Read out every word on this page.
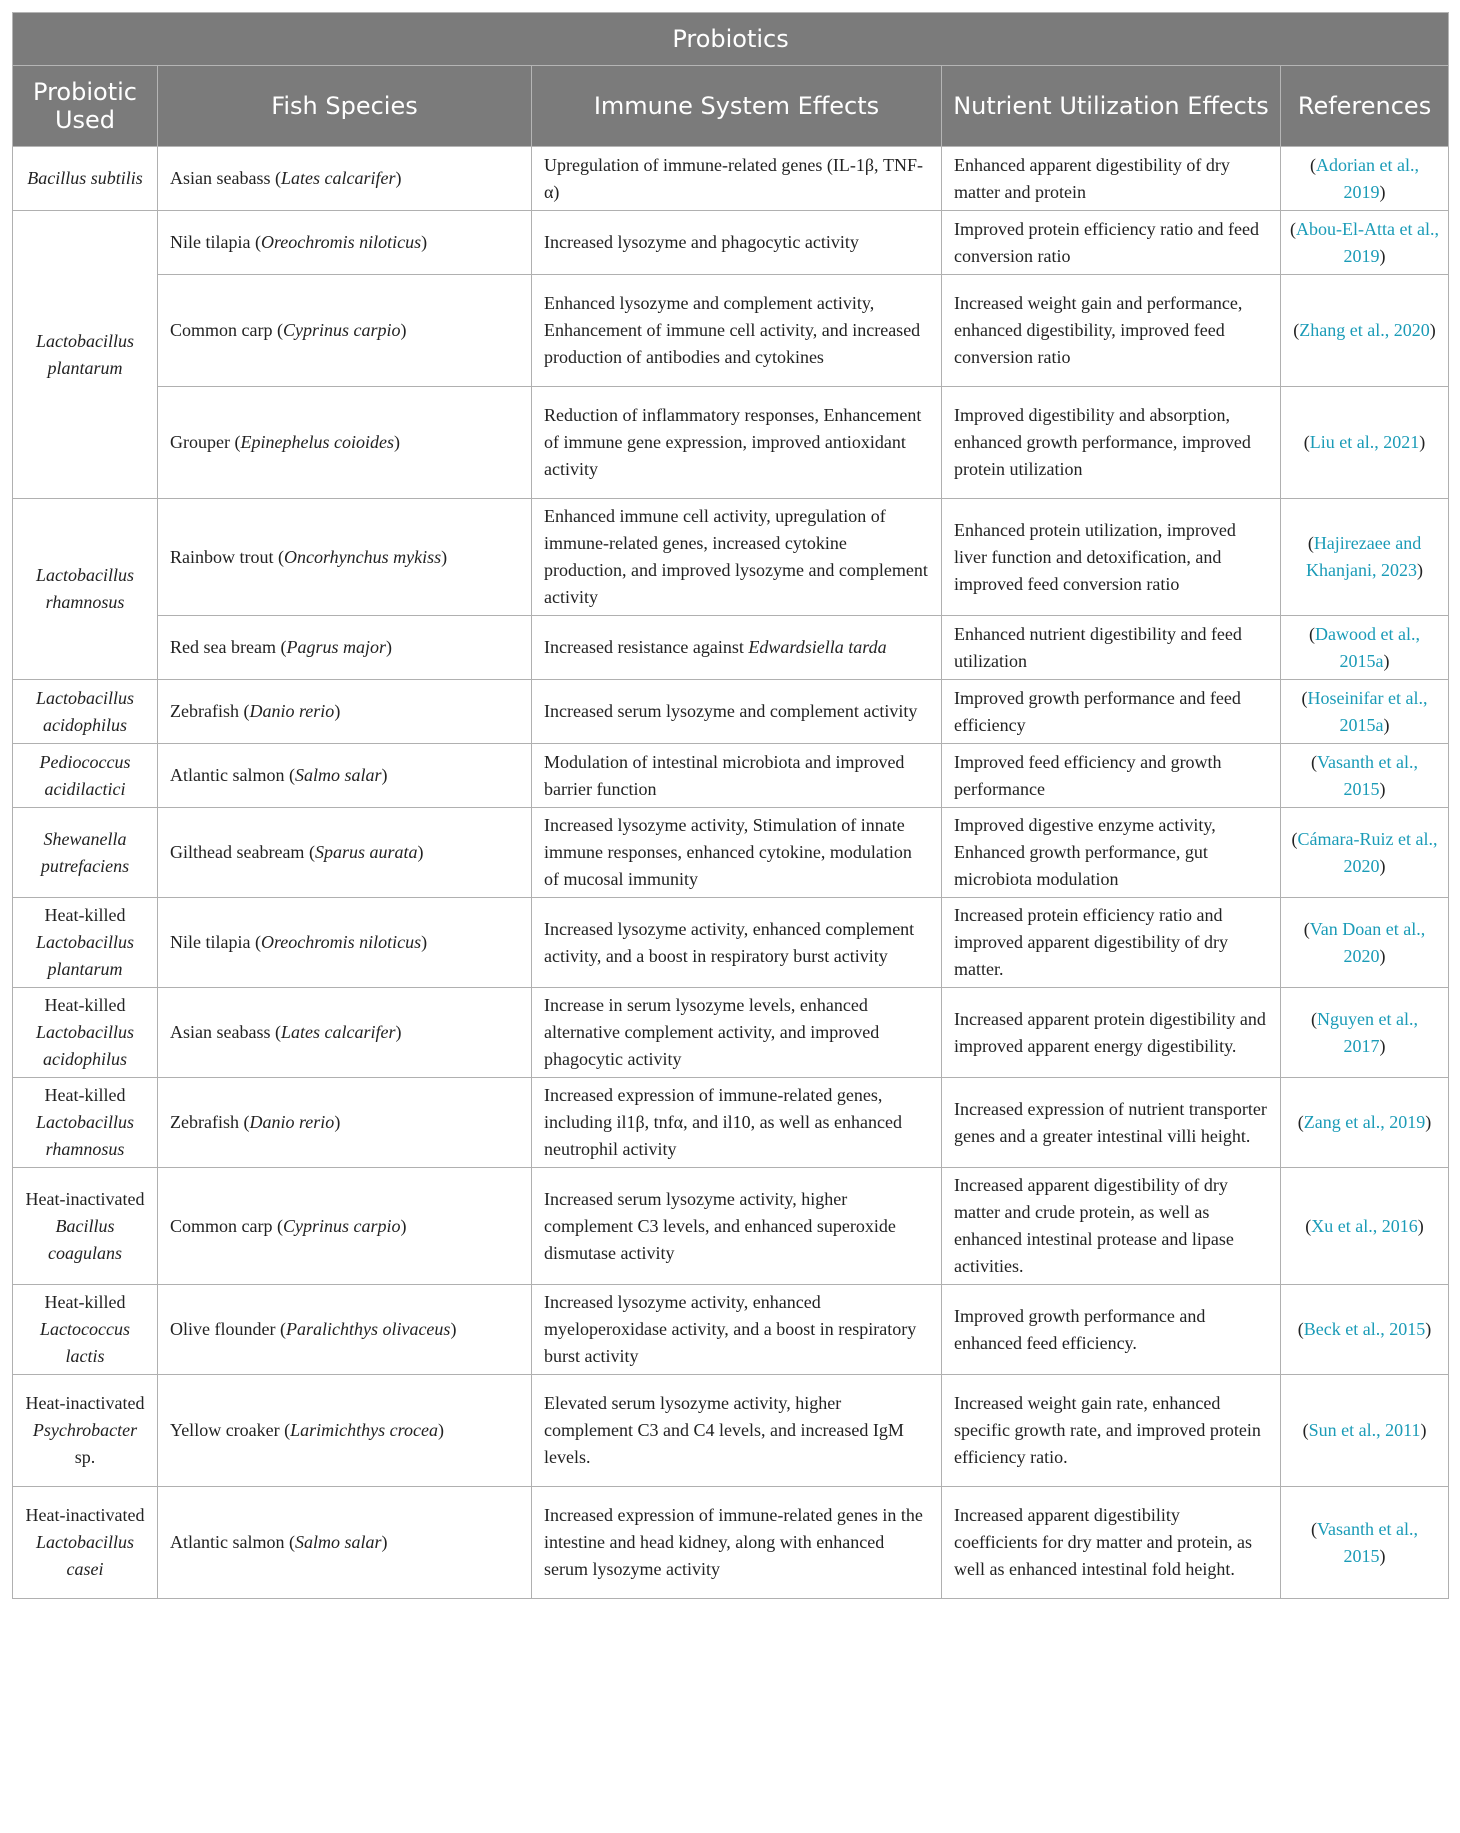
Probiotics				
Probiotic Used	Fish Species	Immune System Effects	Nutrient Utilization Effects	References
Bacillus subtilis	Asian seabass (Lates calcarifer)	Upregulation of immune-related genes (IL-1β, TNF-α)	Enhanced apparent digestibility of dry matter and protein	(Adorian et al., 2019)
Lactobacillus plantarum	Nile tilapia (Oreochromis niloticus)	Increased lysozyme and phagocytic activity	Improved protein efficiency ratio and feed conversion ratio	(Abou-El-Atta et al., 2019)
	Common carp (Cyprinus carpio)	Enhanced lysozyme and complement activity, Enhancement of immune cell activity, and increased production of antibodies and cytokines	Increased weight gain and performance, enhanced digestibility, improved feed conversion ratio	(Zhang et al., 2020)
	Grouper (Epinephelus coioides)	Reduction of inflammatory responses, Enhancement of immune gene expression, improved antioxidant activity	Improved digestibility and absorption, enhanced growth performance, improved protein utilization	(Liu et al., 2021)
Lactobacillus rhamnosus	Rainbow trout (Oncorhynchus mykiss)	Enhanced immune cell activity, upregulation of immune-related genes, increased cytokine production, and improved lysozyme and complement activity	Enhanced protein utilization, improved liver function and detoxification, and improved feed conversion ratio	(Hajirezaee and Khanjani, 2023)
	Red sea bream (Pagrus major)	Increased resistance against Edwardsiella tarda	Enhanced nutrient digestibility and feed utilization	(Dawood et al., 2015a)
Lactobacillus acidophilus	Zebrafish (Danio rerio)	Increased serum lysozyme and complement activity	Improved growth performance and feed efficiency	(Hoseinifar et al., 2015a)
Pediococcus acidilactici	Atlantic salmon (Salmo salar)	Modulation of intestinal microbiota and improved barrier function	Improved feed efficiency and growth performance	(Vasanth et al., 2015)
Shewanella putrefaciens	Gilthead seabream (Sparus aurata)	Increased lysozyme activity, Stimulation of innate immune responses, enhanced cytokine, modulation of mucosal immunity	Improved digestive enzyme activity, Enhanced growth performance, gut microbiota modulation	(Cámara-Ruiz et al., 2020)
Heat-killed Lactobacillus plantarum	Nile tilapia (Oreochromis niloticus)	Increased lysozyme activity, enhanced complement activity, and a boost in respiratory burst activity	Increased protein efficiency ratio and improved apparent digestibility of dry matter.	(Van Doan et al., 2020)
Heat-killed Lactobacillus acidophilus	Asian seabass (Lates calcarifer)	Increase in serum lysozyme levels, enhanced alternative complement activity, and improved phagocytic activity	Increased apparent protein digestibility and improved apparent energy digestibility.	(Nguyen et al., 2017)
Heat-killed Lactobacillus rhamnosus	Zebrafish (Danio rerio)	Increased expression of immune-related genes, including il1β, tnfα, and il10, as well as enhanced neutrophil activity	Increased expression of nutrient transporter genes and a greater intestinal villi height.	(Zang et al., 2019)
Heat-inactivated Bacillus coagulans	Common carp (Cyprinus carpio)	Increased serum lysozyme activity, higher complement C3 levels, and enhanced superoxide dismutase activity	Increased apparent digestibility of dry matter and crude protein, as well as enhanced intestinal protease and lipase activities.	(Xu et al., 2016)
Heat-killed Lactococcus lactis	Olive flounder (Paralichthys olivaceus)	Increased lysozyme activity, enhanced myeloperoxidase activity, and a boost in respiratory burst activity	Improved growth performance and enhanced feed efficiency.	(Beck et al., 2015)
Heat-inactivated Psychrobacter sp.	Yellow croaker (Larimichthys crocea)	Elevated serum lysozyme activity, higher complement C3 and C4 levels, and increased IgM levels.	Increased weight gain rate, enhanced specific growth rate, and improved protein efficiency ratio.	(Sun et al., 2011)
Heat-inactivated Lactobacillus casei	Atlantic salmon (Salmo salar)	Increased expression of immune-related genes in the intestine and head kidney, along with enhanced serum lysozyme activity	Increased apparent digestibility coefficients for dry matter and protein, as well as enhanced intestinal fold height.	(Vasanth et al., 2015)
